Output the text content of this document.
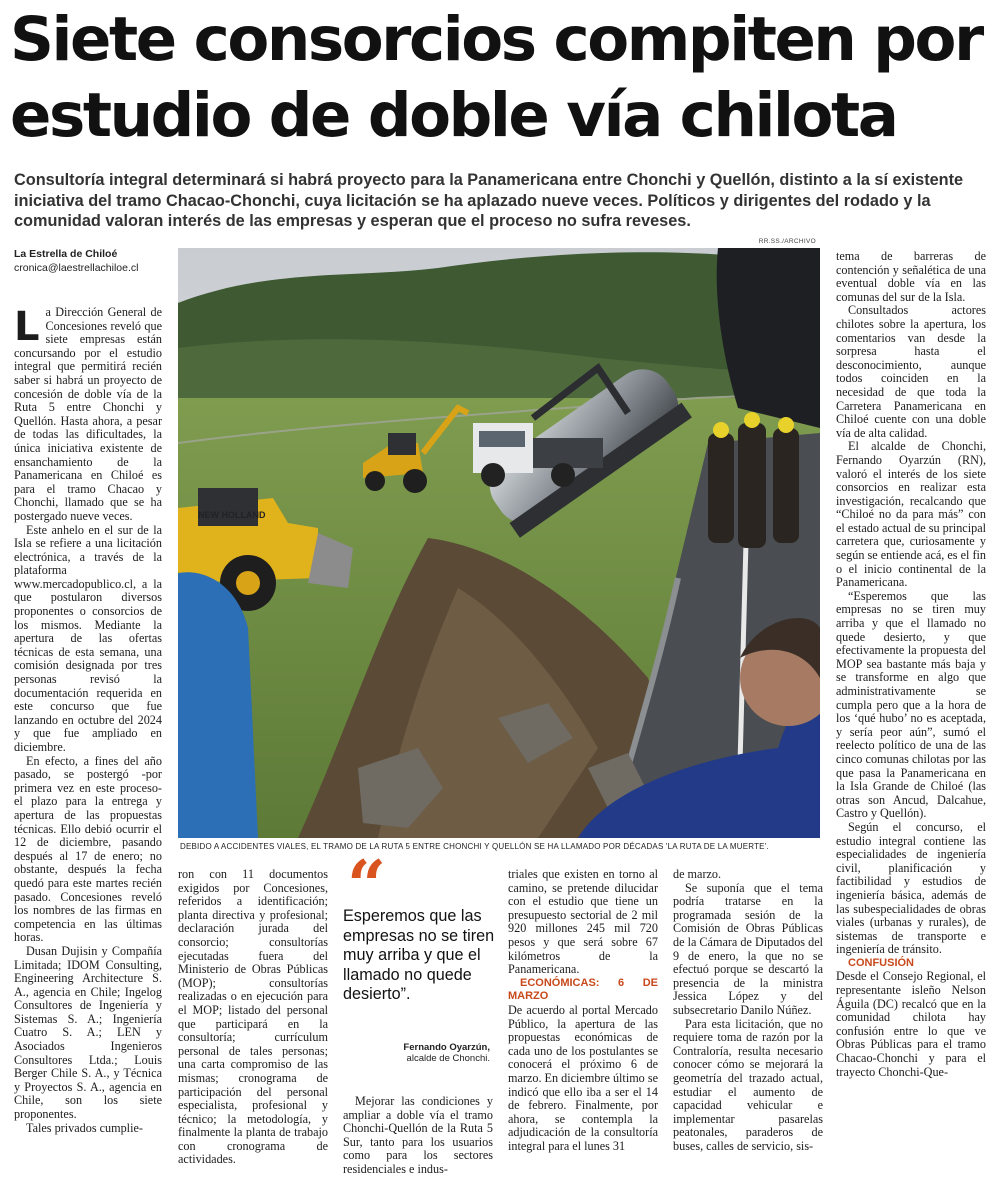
Siete consorcios compiten por estudio de doble vía chilota

Consultoría integral determinará si habrá proyecto para la Panamericana entre Chonchi y Quellón, distinto a la sí existente iniciativa del tramo Chacao-Chonchi, cuya licitación se ha aplazado nueve veces. Políticos y dirigentes del rodado y la comunidad valoran interés de las empresas y esperan que el proceso no sufra reveses.

La Estrella de Chiloé
cronica@laestrellachiloe.cl
RR.SS./ARCHIVO
NEW HOLLAND
DEBIDO A ACCIDENTES VIALES, EL TRAMO DE LA RUTA 5 ENTRE CHONCHI Y QUELLÓN SE HA LLAMADO POR DÉCADAS 'LA RUTA DE LA MUERTE'.

La Dirección General de Concesiones reveló que siete empresas están concursando por el estudio integral que permitirá recién saber si habrá un proyecto de concesión de doble vía de la Ruta 5 entre Chonchi y Quellón. Hasta ahora, a pesar de todas las dificultades, la única iniciativa existente de ensanchamiento de la Panamericana en Chiloé es para el tramo Chacao y Chonchi, llamado que se ha postergado nueve veces.

Este anhelo en el sur de la Isla se refiere a una licitación electrónica, a través de la plataforma www.mercadopublico.cl, a la que postularon diversos proponentes o consorcios de los mismos. Mediante la apertura de las ofertas técnicas de esta semana, una comisión designada por tres personas revisó la documentación requerida en este concurso que fue lanzando en octubre del 2024 y que fue ampliado en diciembre.

En efecto, a fines del año pasado, se postergó -por primera vez en este proceso- el plazo para la entrega y apertura de las propuestas técnicas. Ello debió ocurrir el 12 de diciembre, pasando después al 17 de enero; no obstante, después la fecha quedó para este martes recién pasado. Concesiones reveló los nombres de las firmas en competencia en las últimas horas.

Dusan Dujisin y Compañía Limitada; IDOM Consulting, Engineering Architecture S. A., agencia en Chile; Ingelog Consultores de Ingeniería y Sistemas S. A.; Ingeniería Cuatro S. A.; LEN y Asociados Ingenieros Consultores Ltda.; Louis Berger Chile S. A., y Técnica y Proyectos S. A., agencia en Chile, son los siete proponentes.

Tales privados cumplie-

ron con 11 documentos exigidos por Concesiones, referidos a identificación; planta directiva y profesional; declaración jurada del consorcio; consultorías ejecutadas fuera del Ministerio de Obras Públicas (MOP); consultorías realizadas o en ejecución para el MOP; listado del personal que participará en la consultoría; currículum personal de tales personas; una carta compromiso de las mismas; cronograma de participación del personal especialista, profesional y técnico; la metodología, y finalmente la planta de trabajo con cronograma de actividades.

“

Esperemos que las empresas no se tiren muy arriba y que el llamado no quede desierto”.

Fernando Oyarzún,
alcalde de Chonchi.

Mejorar las condiciones y ampliar a doble vía el tramo Chonchi-Quellón de la Ruta 5 Sur, tanto para los usuarios como para los sectores residenciales e indus-

triales que existen en torno al camino, se pretende dilucidar con el estudio que tiene un presupuesto sectorial de 2 mil 920 millones 245 mil 720 pesos y que será sobre 67 kilómetros de la Panamericana.

ECONÓMICAS: 6 DE MARZO

De acuerdo al portal Mercado Público, la apertura de las propuestas económicas de cada uno de los postulantes se conocerá el próximo 6 de marzo. En diciembre último se indicó que ello iba a ser el 14 de febrero. Finalmente, por ahora, se contempla la adjudicación de la consultoría integral para el lunes 31

de marzo.

Se suponía que el tema podría tratarse en la programada sesión de la Comisión de Obras Públicas de la Cámara de Diputados del 9 de enero, la que no se efectuó porque se descartó la presencia de la ministra Jessica López y del subsecretario Danilo Núñez.

Para esta licitación, que no requiere toma de razón por la Contraloría, resulta necesario conocer cómo se mejorará la geometría del trazado actual, estudiar el aumento de capacidad vehicular e implementar pasarelas peatonales, paraderos de buses, calles de servicio, sis-

tema de barreras de contención y señalética de una eventual doble vía en las comunas del sur de la Isla.

Consultados actores chilotes sobre la apertura, los comentarios van desde la sorpresa hasta el desconocimiento, aunque todos coinciden en la necesidad de que toda la Carretera Panamericana en Chiloé cuente con una doble vía de alta calidad.

El alcalde de Chonchi, Fernando Oyarzún (RN), valoró el interés de los siete consorcios en realizar esta investigación, recalcando que “Chiloé no da para más” con el estado actual de su principal carretera que, curiosamente y según se entiende acá, es el fin o el inicio continental de la Panamericana.

“Esperemos que las empresas no se tiren muy arriba y que el llamado no quede desierto, y que efectivamente la propuesta del MOP sea bastante más baja y se transforme en algo que administrativamente se cumpla pero que a la hora de los ‘qué hubo’ no es aceptada, y sería peor aún”, sumó el reelecto político de una de las cinco comunas chilotas por las que pasa la Panamericana en la Isla Grande de Chiloé (las otras son Ancud, Dalcahue, Castro y Quellón).

Según el concurso, el estudio integral contiene las especialidades de ingeniería civil, planificación y factibilidad y estudios de ingeniería básica, además de las subespecialidades de obras viales (urbanas y rurales), de sistemas de transporte e ingeniería de tránsito.

CONFUSIÓN

Desde el Consejo Regional, el representante isleño Nelson Águila (DC) recalcó que en la comunidad chilota hay confusión entre lo que ve Obras Públicas para el tramo Chacao-Chonchi y para el trayecto Chonchi-Que-
